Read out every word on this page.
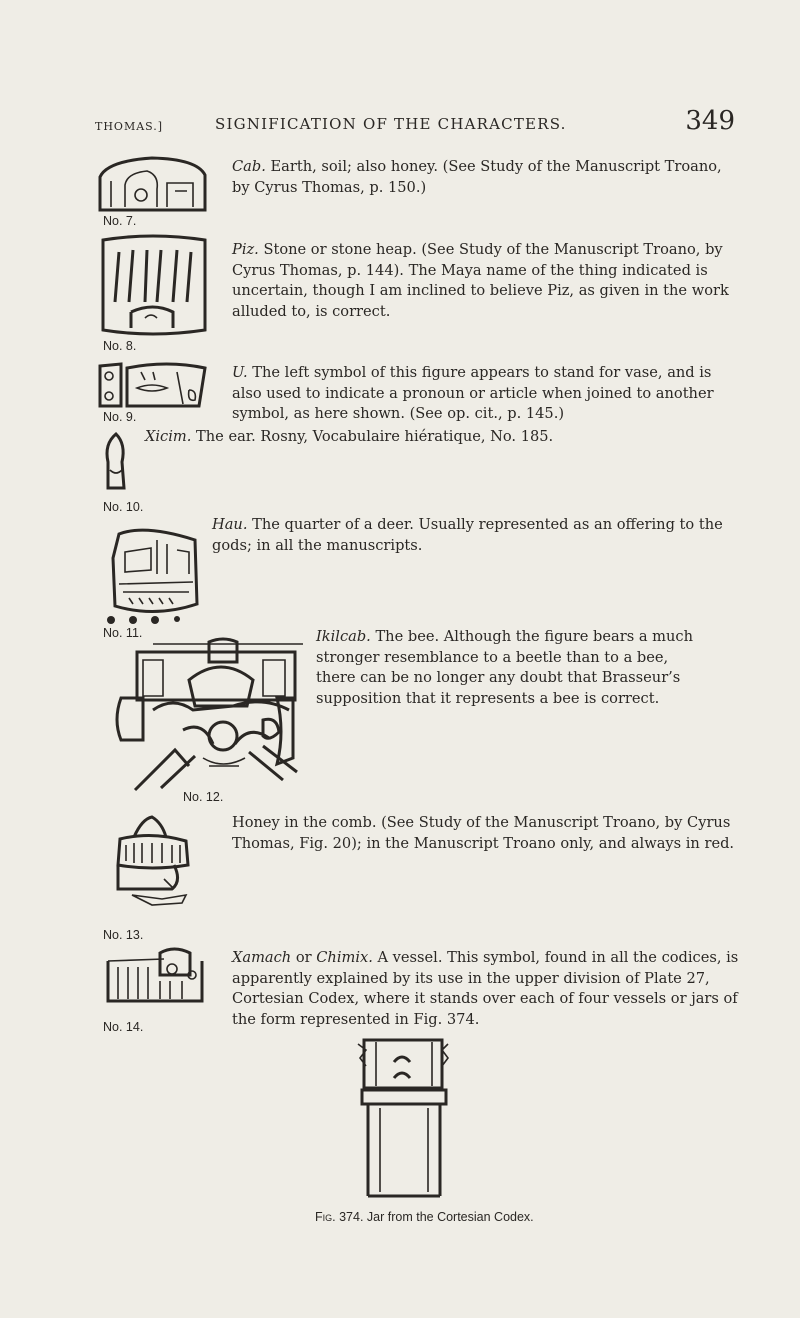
THOMAS.]	SIGNIFICATION OF THE CHARACTERS.	349
No. 7.
No. 8.
No. 9.
No. 10.
No. 11.
No. 12.
No. 13.
No. 14.
Cab. Earth, soil; also honey. (See Study of the Manuscript Troano, by Cyrus Thomas, p. 150.)
Piz. Stone or stone heap. (See Study of the Manuscript Troano, by Cyrus Thomas, p. 144). The Maya name of the thing indicated is uncertain, though I am inclined to believe Piz, as given in the work alluded to, is correct.
U. The left symbol of this figure appears to stand for vase, and is also used to indicate a pronoun or article when joined to another symbol, as here shown. (See op. cit., p. 145.)
Xicim. The ear. Rosny, Vocabulaire hiératique, No. 185.
Hau. The quarter of a deer. Usually represented as an offering to the gods; in all the manuscripts.
Ikilcab. The bee. Although the figure bears a much stronger resemblance to a beetle than to a bee, there can be no longer any doubt that Brasseur’s supposition that it represents a bee is correct.
Honey in the comb. (See Study of the Manuscript Troano, by Cyrus Thomas, Fig. 20); in the Manuscript Troano only, and always in red.
Xamach or Chimix. A vessel. This symbol, found in all the codices, is apparently explained by its use in the upper division of Plate 27, Cortesian Codex, where it stands over each of four vessels or jars of the form represented in Fig. 374.
Fig. 374. Jar from the Cortesian Codex.
